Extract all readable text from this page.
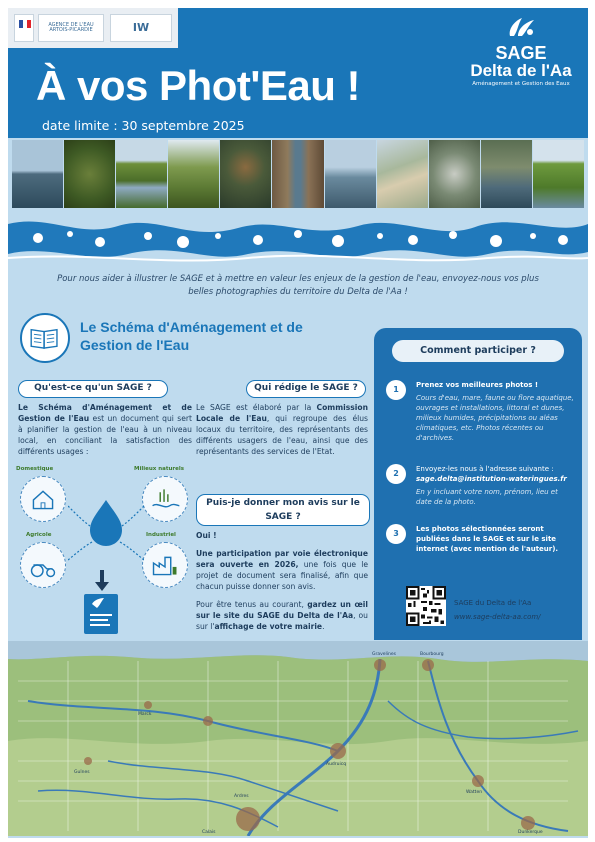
AGENCE DE L'EAU ARTOIS-PICARDIE	IW
SAGE
Delta de l'Aa
Aménagement et Gestion des Eaux
À vos Phot'Eau !
date limite : 30 septembre 2025
Pour nous aider à illustrer le SAGE et à mettre en valeur les enjeux de la gestion de l'eau, envoyez-nous vos plus belles photographies du territoire du Delta de l'Aa !
Le Schéma d'Aménagement et de Gestion de l'Eau
Qu'est-ce qu'un SAGE ?
Le Schéma d'Aménagement et de Gestion de l'Eau est un document qui sert à planifier la gestion de l'eau à un niveau local, en conciliant la satisfaction des différents usages :
Domestique	Milieux naturels
Agricole	Industriel
Qui rédige le SAGE ?
Le SAGE est élaboré par la Commission Locale de l'Eau, qui regroupe des élus locaux du territoire, des représentants des différents usagers de l'eau, ainsi que des représentants des services de l'Etat.
Puis-je donner mon avis sur le SAGE ?

Oui !

Une participation par voie électronique sera ouverte en 2026, une fois que le projet de document sera finalisé, afin que chacun puisse donner son avis.

Pour être tenus au courant, gardez un œil sur le site du SAGE du Delta de l'Aa, ou sur l'affichage de votre mairie.

Comment participer ?
1	Prenez vos meilleures photos !
Cours d'eau, mare, faune ou flore aquatique, ouvrages et installations, littoral et dunes, milieux humides, précipitations ou aléas climatiques, etc. Photos récentes ou d'archives.
2	Envoyez-les nous à l'adresse suivante :
sage.delta@institution-wateringues.fr
En y incluant votre nom, prénom, lieu et date de la photo.
3	Les photos sélectionnées seront publiées dans le SAGE et sur le site internet (avec mention de l'auteur).
SAGE du Delta de l'Aa
www.sage-delta-aa.com/
Gravelines
Calais	Dunkerque
Bourbourg
Audruicq
Ardres
Watten
Guînes
Marck
